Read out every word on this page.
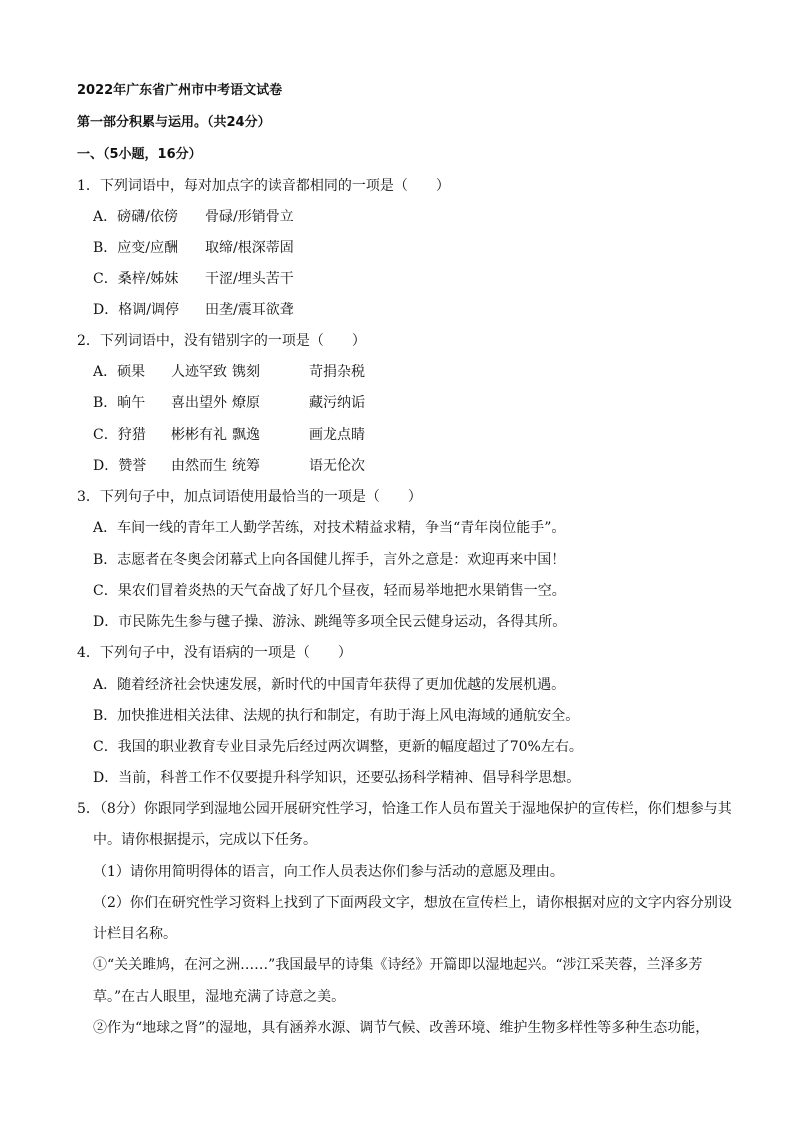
2022年广东省广州市中考语文试卷
第一部分积累与运用。（共24分）
一、（5小题，16分）
1．下列词语中，每对加点字的读音都相同的一项是（　　）
A．磅礴/依傍 骨碌/形销骨立
B．应变/应酬 取缔/根深蒂固
C．桑梓/姊妹 干涩/埋头苦干
D．格调/调停 田垄/震耳欲聋
2．下列词语中，没有错别字的一项是（　　）
A．硕果 人迹罕致 镌刻	苛捐杂税
B．晌午 喜出望外 燎原	藏污纳诟
C．狩猎 彬彬有礼 飘逸	画龙点睛
D．赞誉 由然而生 统筹	语无伦次
3．下列句子中，加点词语使用最恰当的一项是（　　）
A．车间一线的青年工人勤学苦练，对技术精益求精，争当“青年岗位能手”。
B．志愿者在冬奥会闭幕式上向各国健儿挥手，言外之意是：欢迎再来中国！
C．果农们冒着炎热的天气奋战了好几个昼夜，轻而易举地把水果销售一空。
D．市民陈先生参与毽子操、游泳、跳绳等多项全民云健身运动，各得其所。
4．下列句子中，没有语病的一项是（　　）
A．随着经济社会快速发展，新时代的中国青年获得了更加优越的发展机遇。
B．加快推进相关法律、法规的执行和制定，有助于海上风电海域的通航安全。
C．我国的职业教育专业目录先后经过两次调整，更新的幅度超过了70%左右。
D．当前，科普工作不仅要提升科学知识，还要弘扬科学精神、倡导科学思想。
5．（8分）你跟同学到湿地公园开展研究性学习，恰逢工作人员布置关于湿地保护的宣传栏，你们想参与其
中。请你根据提示，完成以下任务。
（1）请你用简明得体的语言，向工作人员表达你们参与活动的意愿及理由。
（2）你们在研究性学习资料上找到了下面两段文字，想放在宣传栏上，请你根据对应的文字内容分别设
计栏目名称。
①“关关雎鸠，在河之洲……”我国最早的诗集《诗经》开篇即以湿地起兴。“涉江采芙蓉，兰泽多芳
草。”在古人眼里，湿地充满了诗意之美。
②作为“地球之肾”的湿地，具有涵养水源、调节气候、改善环境、维护生物多样性等多种生态功能，
